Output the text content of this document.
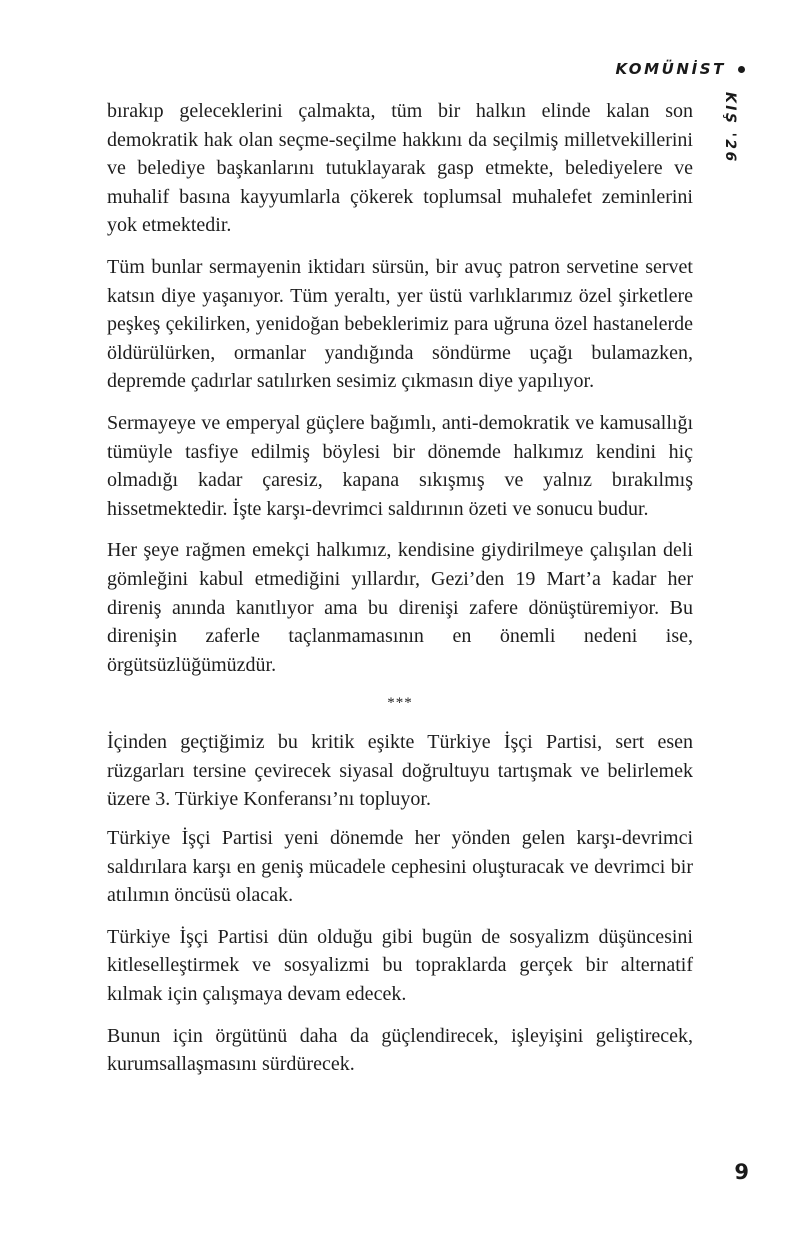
KOMÜNİST
KIŞ '26

bırakıp geleceklerini çalmakta, tüm bir halkın elinde kalan son demokratik hak olan seçme-seçilme hakkını da seçilmiş milletvekillerini ve belediye başkanlarını tutuklayarak gasp etmekte, belediyelere ve muhalif basına kayyumlarla çökerek toplumsal muhalefet zeminlerini yok etmektedir.

Tüm bunlar sermayenin iktidarı sürsün, bir avuç patron servetine servet katsın diye yaşanıyor. Tüm yeraltı, yer üstü varlıklarımız özel şirketlere peşkeş çekilirken, yenidoğan bebeklerimiz para uğruna özel hastanelerde öldürülürken, ormanlar yandığında söndürme uçağı bulamazken, depremde çadırlar satılırken sesimiz çıkmasın diye yapılıyor.

Sermayeye ve emperyal güçlere bağımlı, anti-demokratik ve kamusallığı tümüyle tasfiye edilmiş böylesi bir dönemde halkımız kendini hiç olmadığı kadar çaresiz, kapana sıkışmış ve yalnız bırakılmış hissetmektedir. İşte karşı-devrimci saldırının özeti ve sonucu budur.

Her şeye rağmen emekçi halkımız, kendisine giydirilmeye çalışılan deli gömleğini kabul etmediğini yıllardır, Gezi’den 19 Mart’a kadar her direniş anında kanıtlıyor ama bu direnişi zafere dönüştüremiyor. Bu direnişin zaferle taçlanmamasının en önemli nedeni ise, örgütsüzlüğümüzdür.

***

İçinden geçtiğimiz bu kritik eşikte Türkiye İşçi Partisi, sert esen rüzgarları tersine çevirecek siyasal doğrultuyu tartışmak ve belirlemek üzere 3. Türkiye Konferansı’nı topluyor.

Türkiye İşçi Partisi yeni dönemde her yönden gelen karşı-devrimci saldırılara karşı en geniş mücadele cephesini oluşturacak ve devrimci bir atılımın öncüsü olacak.

Türkiye İşçi Partisi dün olduğu gibi bugün de sosyalizm düşüncesini kitleselleştirmek ve sosyalizmi bu topraklarda gerçek bir alternatif kılmak için çalışmaya devam edecek.

Bunun için örgütünü daha da güçlendirecek, işleyişini geliştirecek, kurumsallaşmasını sürdürecek.

9
